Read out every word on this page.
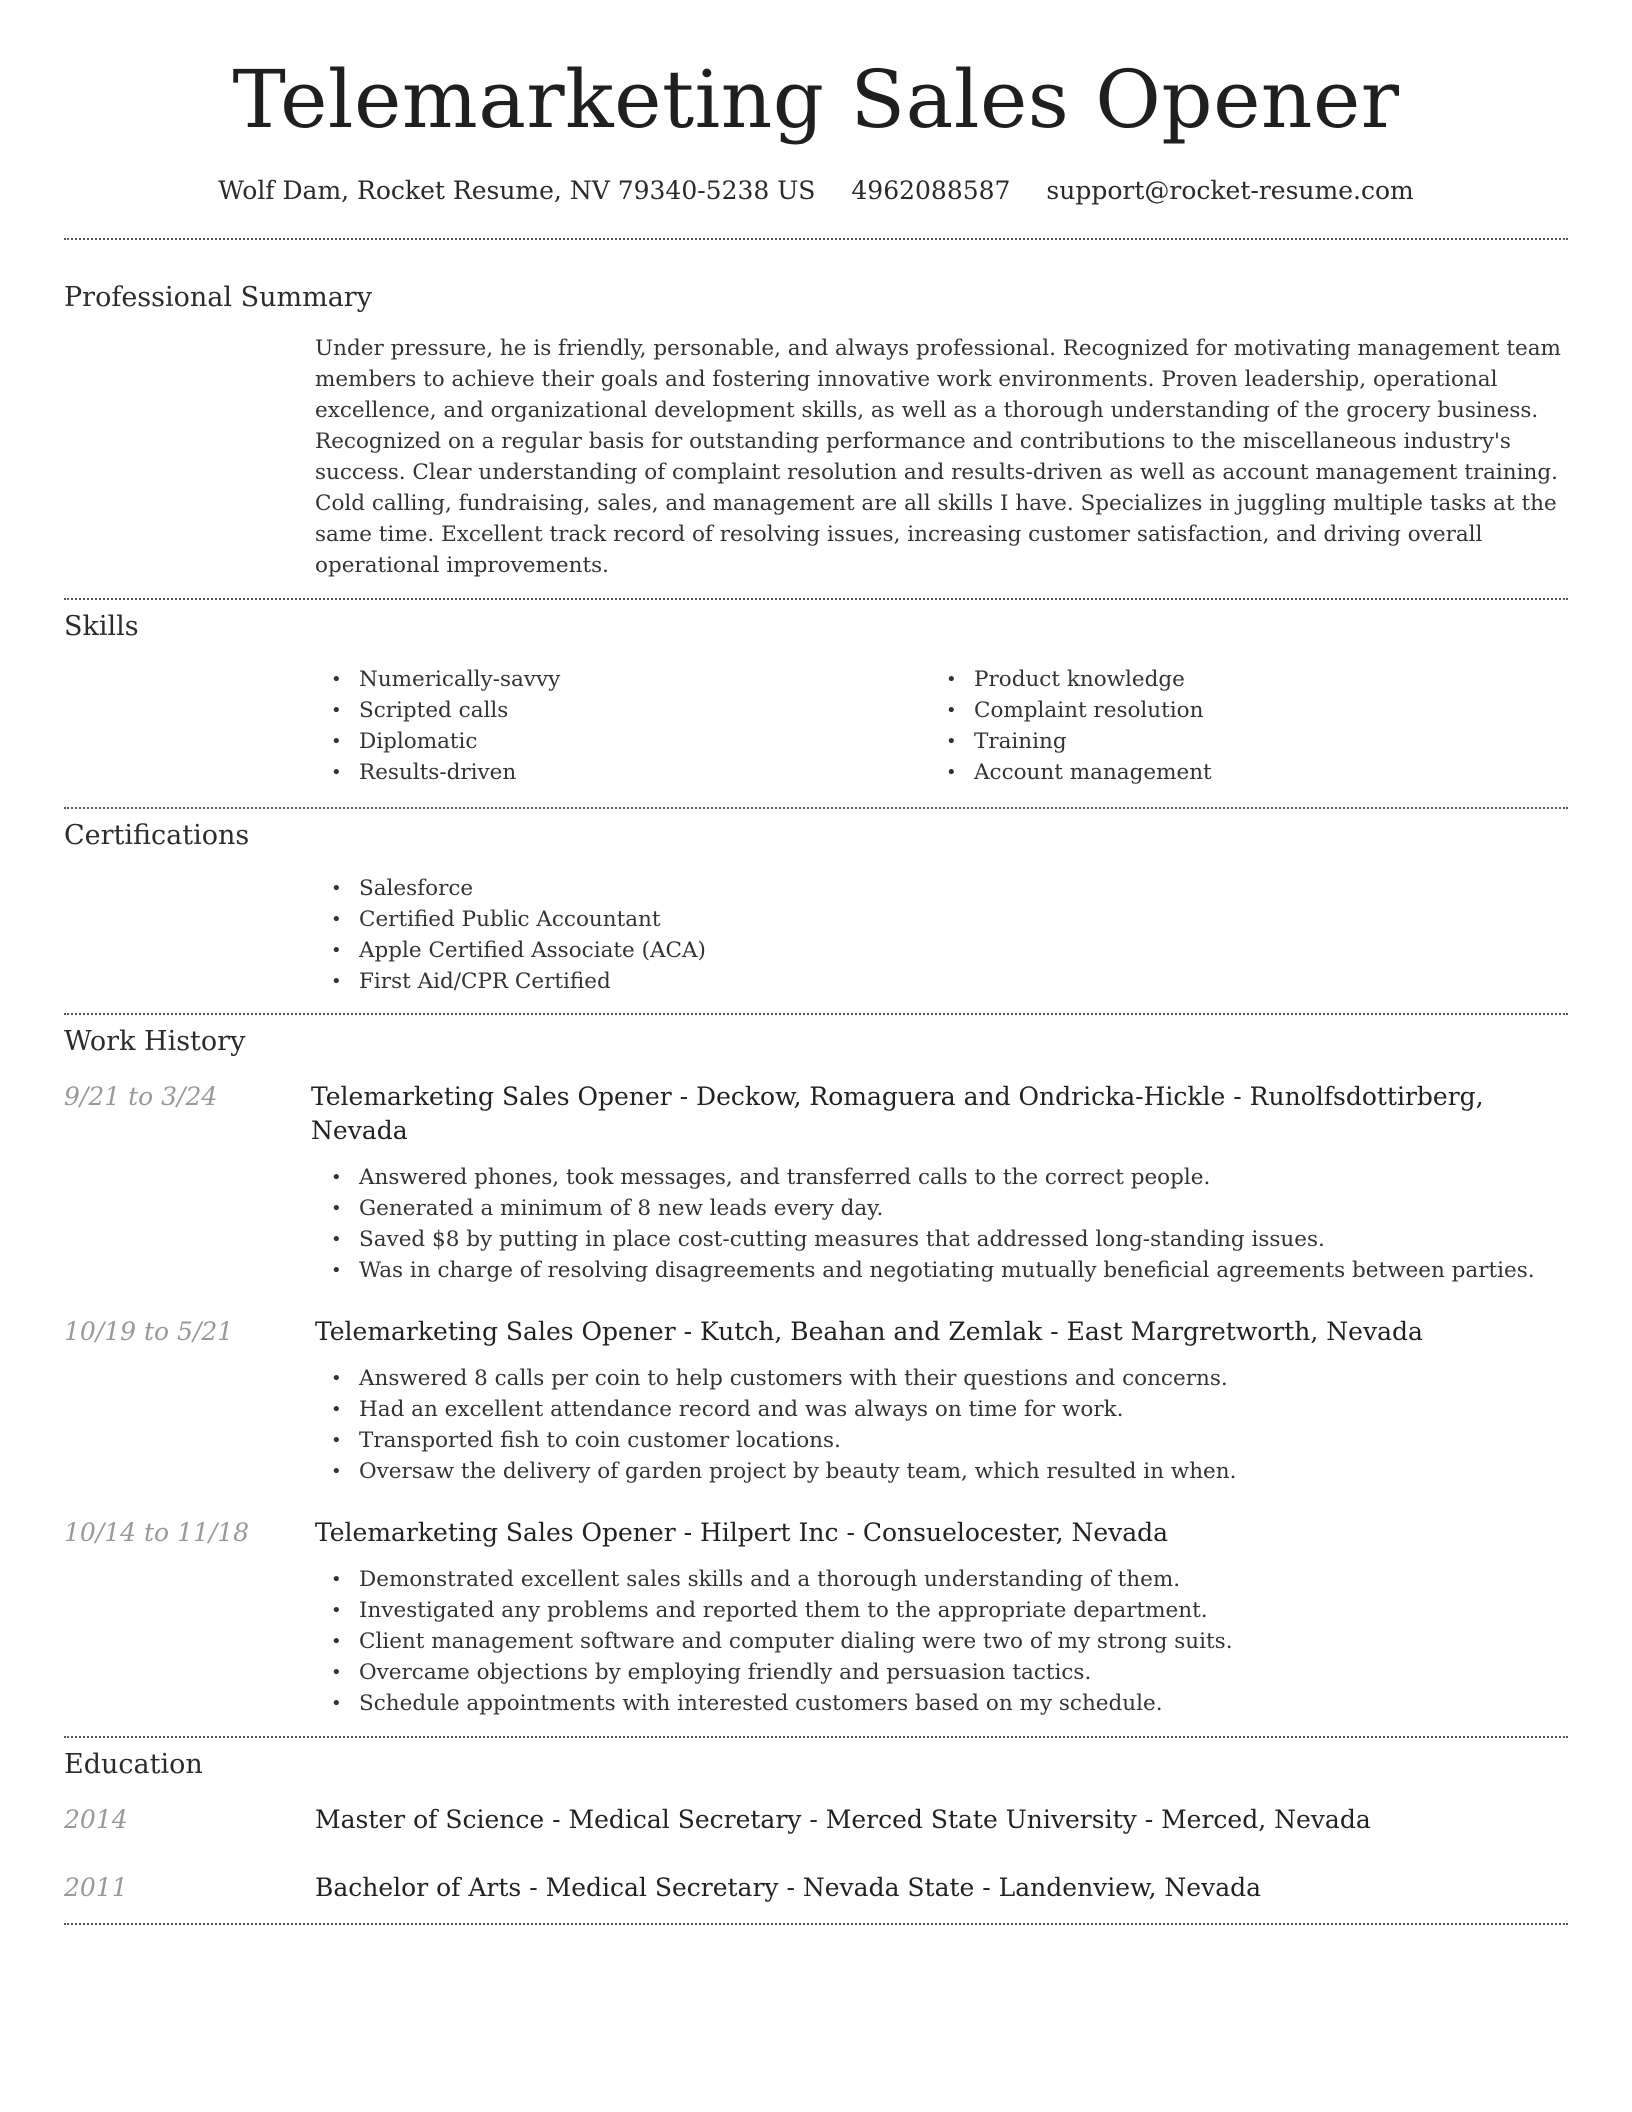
Telemarketing Sales Opener
Wolf Dam, Rocket Resume, NV 79340-5238 US 4962088587 support@rocket-resume.com
Professional Summary

Under pressure, he is friendly, personable, and always professional. Recognized for motivating management team members to achieve their goals and fostering innovative work environments. Proven leadership, operational excellence, and organizational development skills, as well as a thorough understanding of the grocery business. Recognized on a regular basis for outstanding performance and contributions to the miscellaneous industry's success. Clear understanding of complaint resolution and results-driven as well as account management training. Cold calling, fundraising, sales, and management are all skills I have. Specializes in juggling multiple tasks at the same time. Excellent track record of resolving issues, increasing customer satisfaction, and driving overall operational improvements.

Skills
• Numerically-savvy
• Scripted calls
• Diplomatic
• Results-driven
• Product knowledge
• Complaint resolution
• Training
• Account management
Certifications
• Salesforce
• Certified Public Accountant
• Apple Certified Associate (ACA)
• First Aid/CPR Certified
Work History
9/21 to 3/24	Telemarketing Sales Opener - Deckow, Romaguera and Ondricka-Hickle - Runolfsdottirberg, Nevada
• Answered phones, took messages, and transferred calls to the correct people.
• Generated a minimum of 8 new leads every day.
• Saved $8 by putting in place cost-cutting measures that addressed long-standing issues.
• Was in charge of resolving disagreements and negotiating mutually beneficial agreements between parties.
10/19 to 5/21	Telemarketing Sales Opener - Kutch, Beahan and Zemlak - East Margretworth, Nevada
• Answered 8 calls per coin to help customers with their questions and concerns.
• Had an excellent attendance record and was always on time for work.
• Transported fish to coin customer locations.
• Oversaw the delivery of garden project by beauty team, which resulted in when.
10/14 to 11/18	Telemarketing Sales Opener - Hilpert Inc - Consuelocester, Nevada
• Demonstrated excellent sales skills and a thorough understanding of them.
• Investigated any problems and reported them to the appropriate department.
• Client management software and computer dialing were two of my strong suits.
• Overcame objections by employing friendly and persuasion tactics.
• Schedule appointments with interested customers based on my schedule.
Education
2014	Master of Science - Medical Secretary - Merced State University - Merced, Nevada
2011	Bachelor of Arts - Medical Secretary - Nevada State - Landenview, Nevada
